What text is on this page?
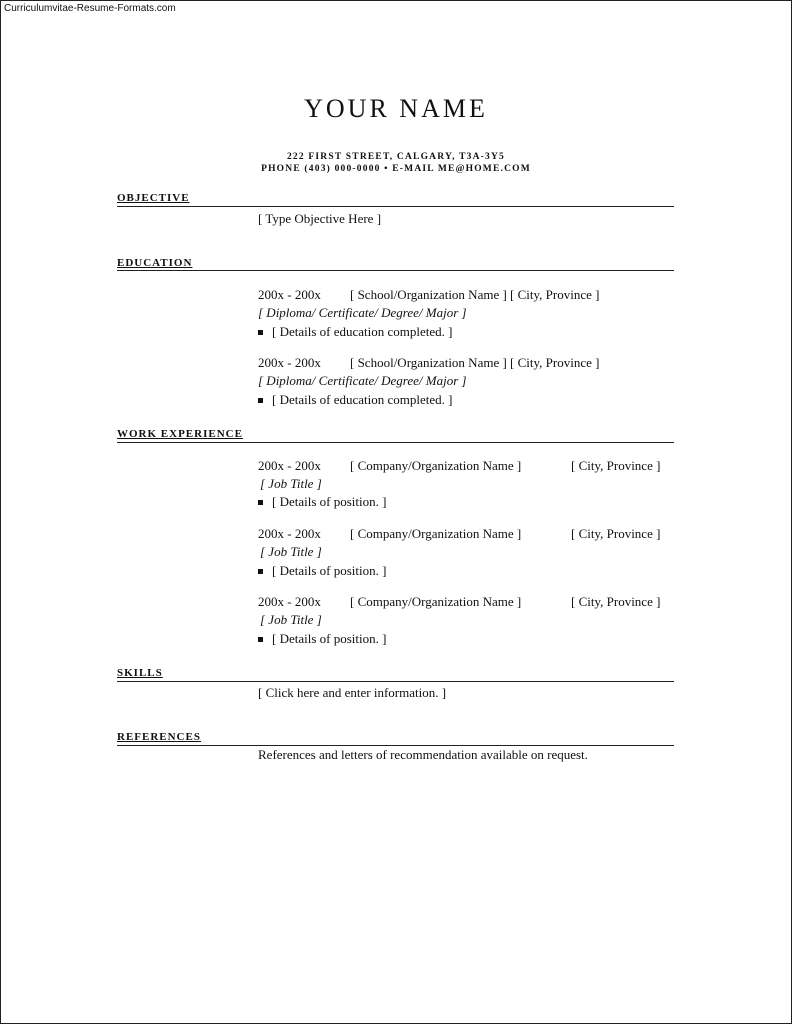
Curriculumvitae-Resume-Formats.com
YOUR NAME
222 FIRST STREET, CALGARY, T3A-3Y5
PHONE (403) 000-0000 • E-MAIL ME@HOME.COM
OBJECTIVE
[ Type Objective Here ]
EDUCATION
200x - 200x [ School/Organization Name ] [ City, Province ]
[ Diploma/ Certificate/ Degree/ Major ]
[ Details of education completed. ]
200x - 200x [ School/Organization Name ] [ City, Province ]
[ Diploma/ Certificate/ Degree/ Major ]
[ Details of education completed. ]
WORK EXPERIENCE
200x - 200x [ Company/Organization Name ]	[ City, Province ]
[ Job Title ]
[ Details of position. ]
200x - 200x [ Company/Organization Name ]	[ City, Province ]
[ Job Title ]
[ Details of position. ]
200x - 200x [ Company/Organization Name ]	[ City, Province ]
[ Job Title ]
[ Details of position. ]
SKILLS
[ Click here and enter information. ]
REFERENCES
References and letters of recommendation available on request.
